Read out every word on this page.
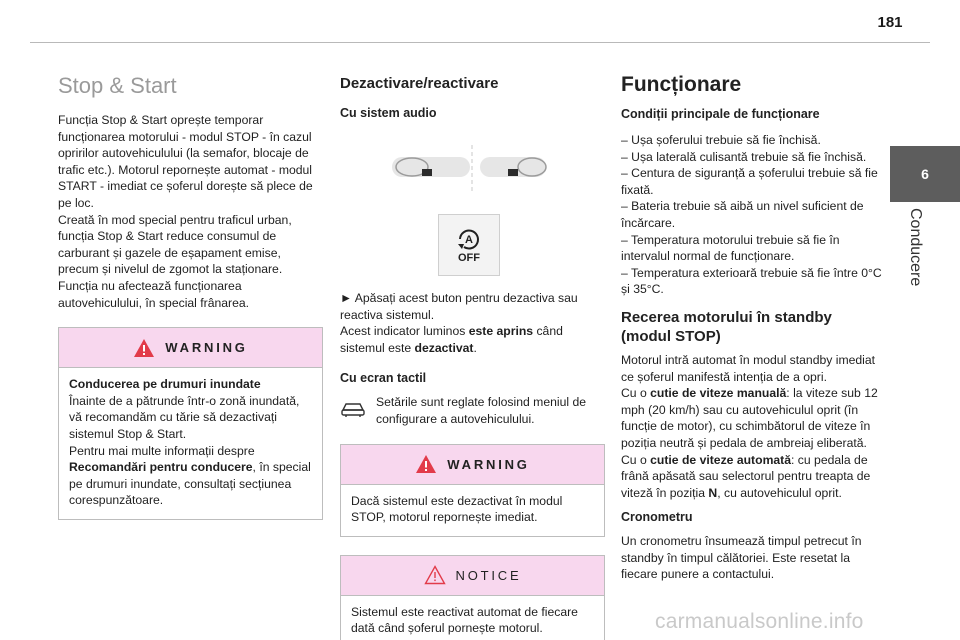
181
6
Conducere
Stop & Start

Funcția Stop & Start oprește temporar funcționarea motorului - modul STOP - în cazul opririlor autovehiculului (la semafor, blocaje de trafic etc.). Motorul repornește automat - modul START - imediat ce șoferul dorește să plece de pe loc.

Creată în mod special pentru traficul urban, funcția Stop & Start reduce consumul de carburant și gazele de eșapament emise, precum și nivelul de zgomot la staționare.

Funcția nu afectează funcționarea autovehiculului, în special frânarea.

WARNING

Conducerea pe drumuri inundate

Înainte de a pătrunde într-o zonă inundată, vă recomandăm cu tărie să dezactivați sistemul Stop & Start.

Pentru mai multe informații despre Recomandări pentru conducere, în special pe drumuri inundate, consultați secțiunea corespunzătoare.

Dezactivare/reactivare
Cu sistem audio
A
OFF

► Apăsați acest buton pentru dezactiva sau reactiva sistemul.

Acest indicator luminos este aprins când sistemul este dezactivat.

Cu ecran tactil

Setările sunt reglate folosind meniul de configurare a autovehiculului.

WARNING

Dacă sistemul este dezactivat în modul STOP, motorul repornește imediat.

NOTICE

Sistemul este reactivat automat de fiecare dată când șoferul pornește motorul.

Funcționare
Condiții principale de funcționare
– Ușa șoferului trebuie să fie închisă.
– Ușa laterală culisantă trebuie să fie închisă.
– Centura de siguranță a șoferului trebuie să fie fixată.
– Bateria trebuie să aibă un nivel suficient de încărcare.
– Temperatura motorului trebuie să fie în intervalul normal de funcționare.
– Temperatura exterioară trebuie să fie între 0°C și 35°C.
Recerea motorului în standby (modul STOP)

Motorul intră automat în modul standby imediat ce șoferul manifestă intenția de a opri.

Cu o cutie de viteze manuală: la viteze sub 12 mph (20 km/h) sau cu autovehiculul oprit (în funcție de motor), cu schimbătorul de viteze în poziția neutră și pedala de ambreiaj eliberată.

Cu o cutie de viteze automată: cu pedala de frână apăsată sau selectorul pentru treapta de viteză în poziția N, cu autovehiculul oprit.

Cronometru

Un cronometru însumează timpul petrecut în standby în timpul călătoriei. Este resetat la fiecare punere a contactului.

carmanualsonline.info
